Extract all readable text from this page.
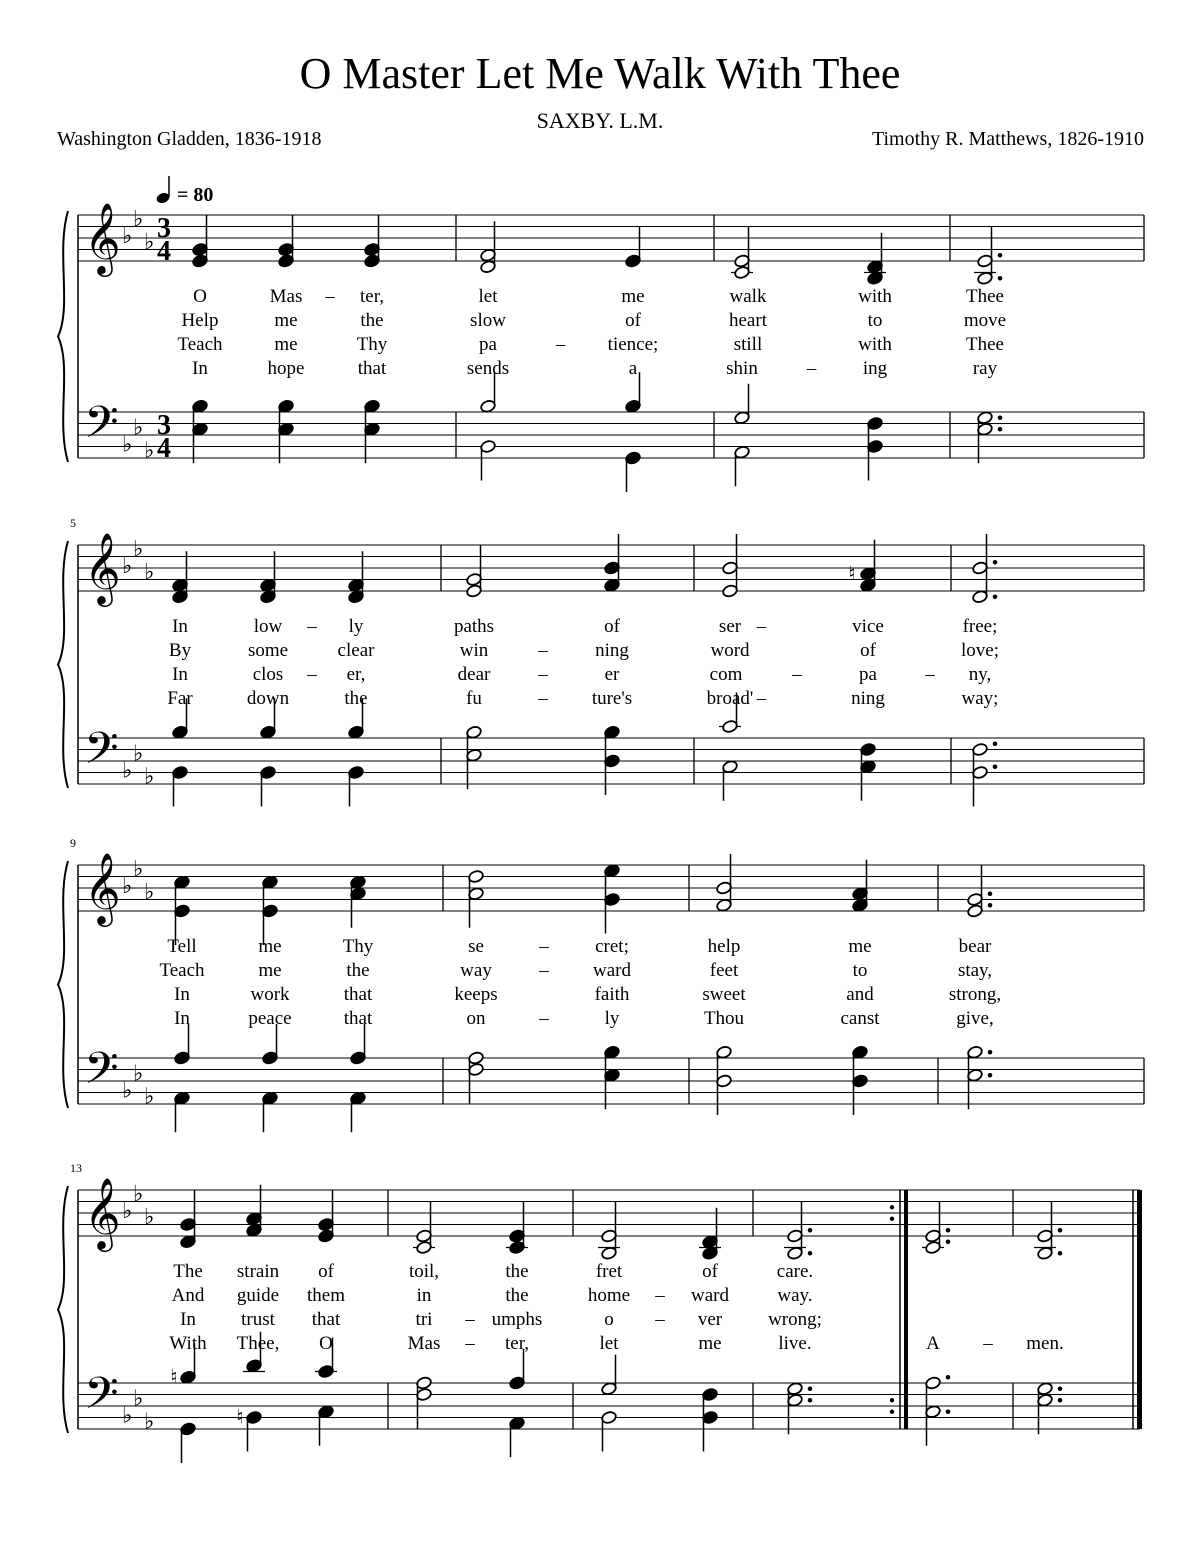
O Master Let Me Walk With Thee
SAXBY. L.M.
Washington Gladden, 1836-1918	Timothy R. Matthews, 1826-1910
= 80
𝄞
𝄢
♭
♭
♭
♭
♭
♭
3
4
3
4
O	Mas – ter,
Help	me	the
Teach	me	Thy
In	hope	that
let	me
slow	of
pa	– tience;
sends	a
walk	with
heart	to
still	with
shin	– ing
Thee
move
Thee
ray
𝄞
𝄢
♭
♭
♭
♭
♭
♭
5
♮
In	low – ly
By	some	clear
In	clos – er,
Far	down	the
paths	of
win	– ning
dear	–	er
fu	– ture's
ser –	vice
word	of
com	–	pa	–
broad' –	ning
free;
love;
ny,
way;
𝄞
𝄢
♭
♭
♭
♭
♭
♭
9
Tell	me	Thy
Teach	me	the
In	work	that
In	peace	that
se	– cret;
way – ward
keeps	faith
on	–	ly
help	me
feet	to
sweet	and
Thou	canst
bear
stay,
strong,
give,
𝄞
𝄢
♭
♭
♭
♭
♭
♭
13
♮
♮
The strain of
And guide them
In trust that
With Thee, O
toil,	the
in	the
tri – umphs
Mas – ter,
fret	of
home – ward
o – ver
let	me
care.
way.
wrong;
live.	A – men.
